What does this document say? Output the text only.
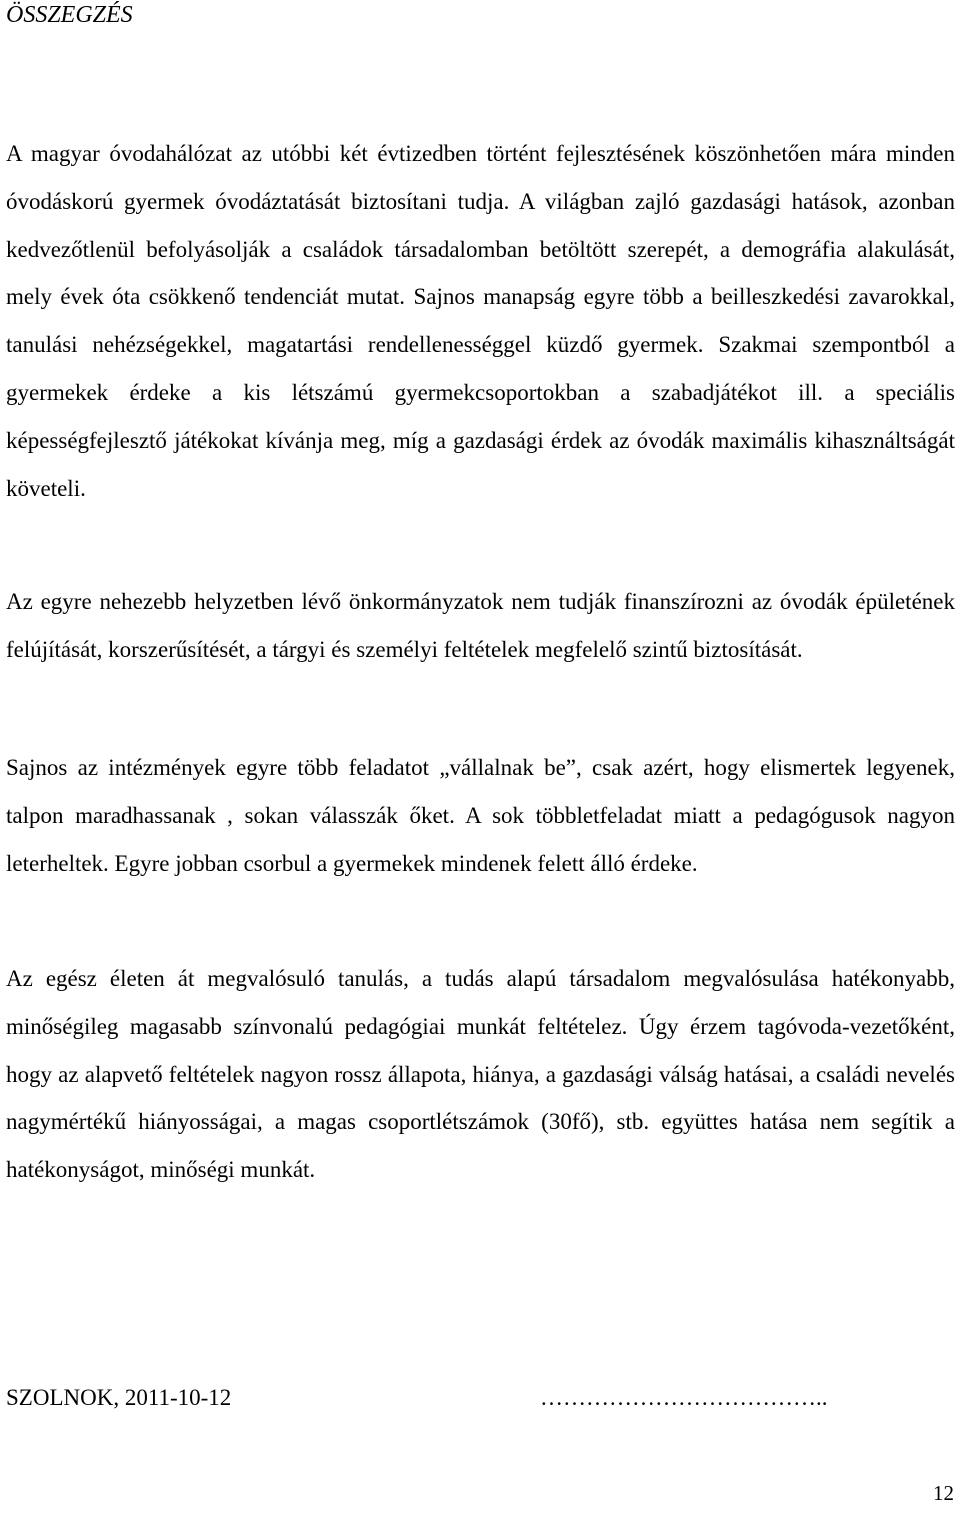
ÖSSZEGZÉS

A magyar óvodahálózat az utóbbi két évtizedben történt fejlesztésének köszönhetően mára minden óvodáskorú gyermek óvodáztatását biztosítani tudja. A világban zajló gazdasági hatások, azonban kedvezőtlenül befolyásolják a családok társadalomban betöltött szerepét, a demográfia alakulását, mely évek óta csökkenő tendenciát mutat. Sajnos manapság egyre több a beilleszkedési zavarokkal, tanulási nehézségekkel, magatartási rendellenességgel küzdő gyermek. Szakmai szempontból a gyermekek érdeke a kis létszámú gyermekcsoportokban a szabadjátékot ill. a speciális képességfejlesztő játékokat kívánja meg, míg a gazdasági érdek az óvodák maximális kihasználtságát követeli.

Az egyre nehezebb helyzetben lévő önkormányzatok nem tudják finanszírozni az óvodák épületének felújítását, korszerűsítését, a tárgyi és személyi feltételek megfelelő szintű biztosítását.

Sajnos az intézmények egyre több feladatot „vállalnak be”, csak azért, hogy elismertek legyenek, talpon maradhassanak , sokan válasszák őket. A sok többletfeladat miatt a pedagógusok nagyon leterheltek. Egyre jobban csorbul a gyermekek mindenek felett álló érdeke.

Az egész életen át megvalósuló tanulás, a tudás alapú társadalom megvalósulása hatékonyabb, minőségileg magasabb színvonalú pedagógiai munkát feltételez. Úgy érzem tagóvoda-vezetőként, hogy az alapvető feltételek nagyon rossz állapota, hiánya, a gazdasági válság hatásai, a családi nevelés nagymértékű hiányosságai, a magas csoportlétszámok (30fő), stb. együttes hatása nem segítik a hatékonyságot, minőségi munkát.

SZOLNOK, 2011-10-12	………………………………..
12
